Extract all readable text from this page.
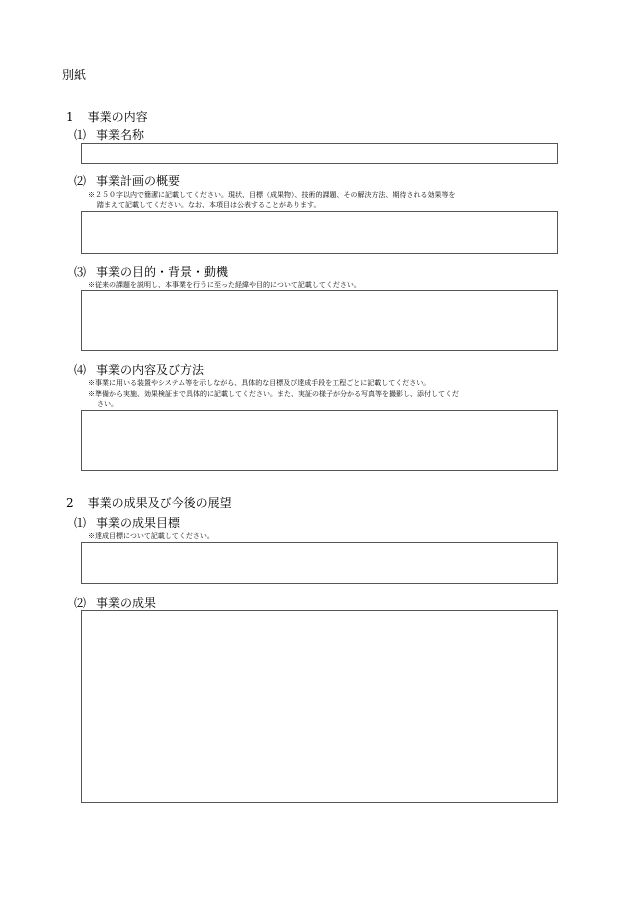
別紙
1 事業の内容
⑴ 事業名称
⑵ 事業計画の概要
※２５０字以内で簡潔に記載してください。現状、目標（成果物）、技術的課題、その解決方法、期待される効果等を
踏まえて記載してください。なお、本項目は公表することがあります。
⑶ 事業の目的・背景・動機
※従来の課題を説明し、本事業を行うに至った経緯や目的について記載してください。
⑷ 事業の内容及び方法
※事業に用いる装置やシステム等を示しながら、具体的な目標及び達成手段を工程ごとに記載してください。
※準備から実施、効果検証まで具体的に記載してください。また、実証の様子が分かる写真等を撮影し、添付してくだ
さい。
2 事業の成果及び今後の展望
⑴ 事業の成果目標
※達成目標について記載してください。
⑵ 事業の成果
